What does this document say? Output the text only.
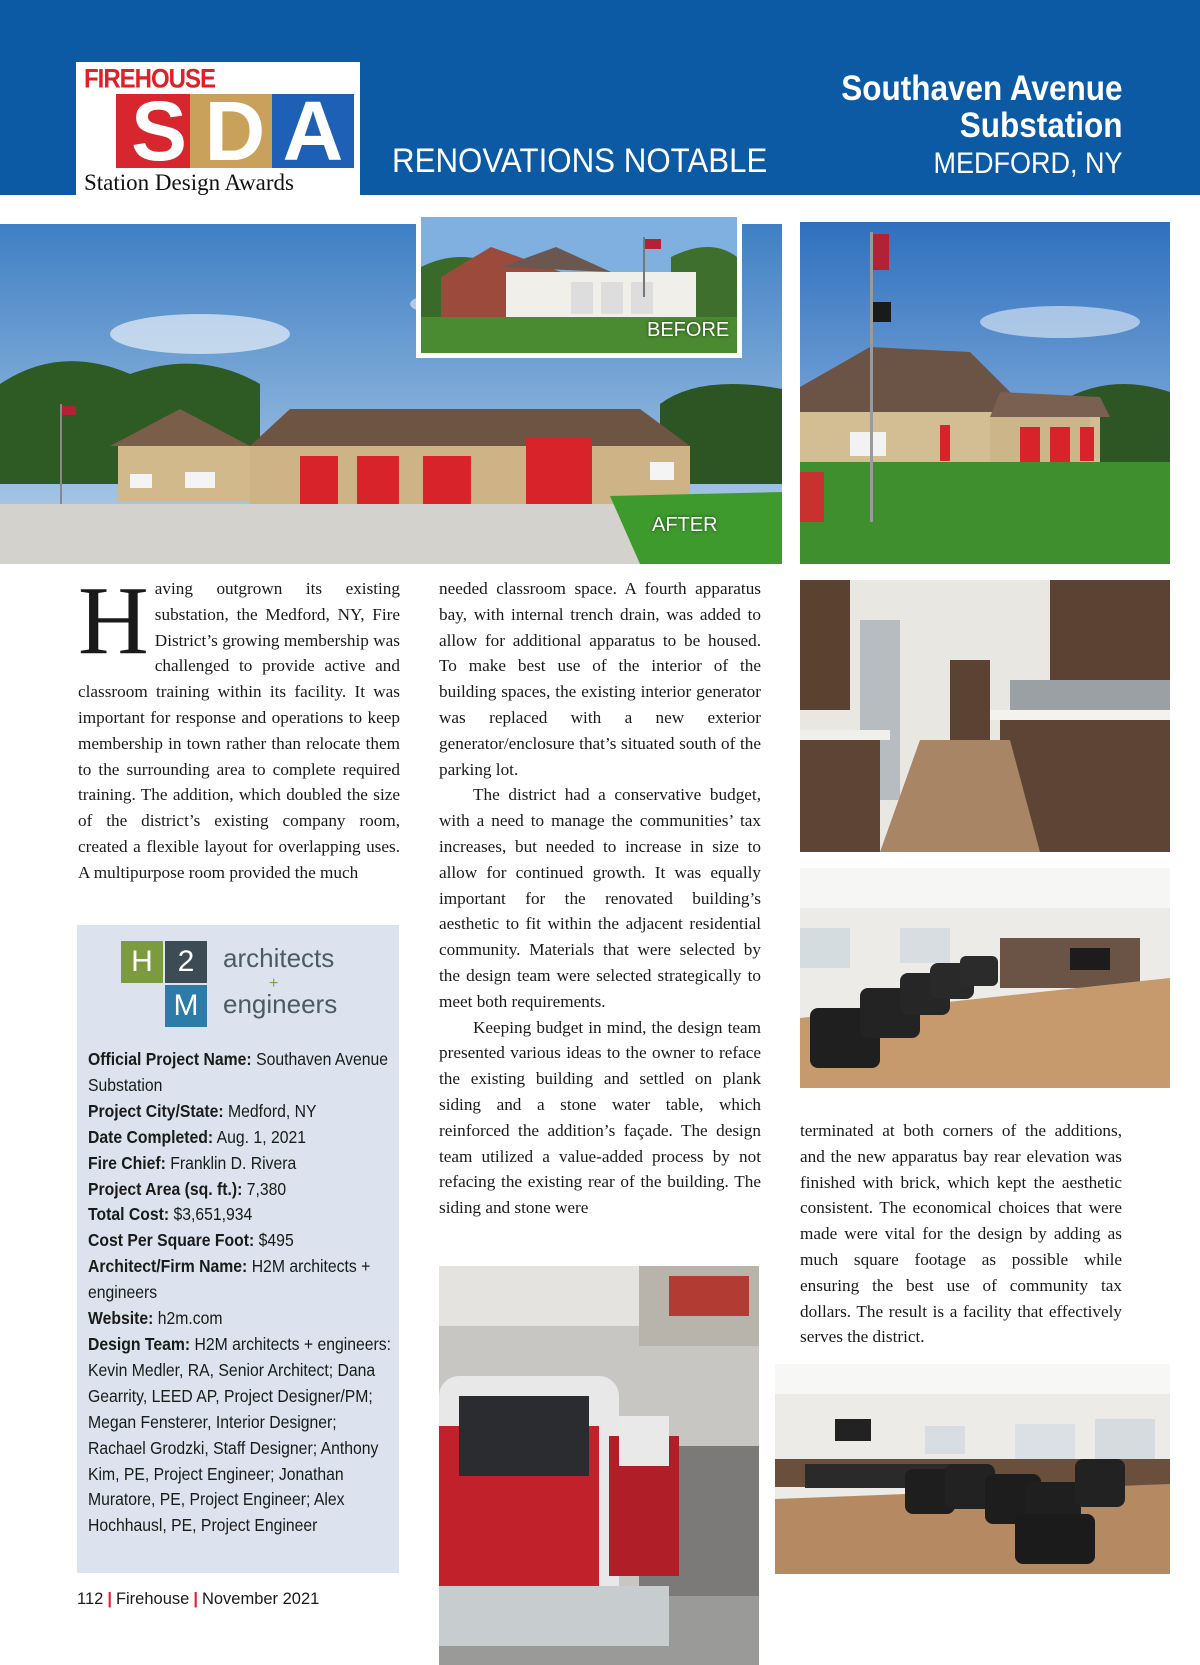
FIREHOUSE
S D A
Station Design Awards
RENOVATIONS NOTABLE
Southaven Avenue
Substation
MEDFORD, NY
AFTER
BEFORE

Having outgrown its existing substation, the Medford, NY, Fire District’s growing membership was challenged to provide active and classroom training within its facility. It was important for response and operations to keep membership in town rather than relocate them to the surrounding area to complete required training. The addition, which doubled the size of the district’s existing company room, created a flexible layout for overlapping uses. A multipurpose room provided the much

needed classroom space. A fourth apparatus bay, with internal trench drain, was added to allow for additional apparatus to be housed. To make best use of the interior of the building spaces, the existing interior generator was replaced with a new exterior generator/enclosure that’s situated south of the parking lot.

The district had a conservative budget, with a need to manage the communities’ tax increases, but needed to increase in size to allow for continued growth. It was equally important for the renovated building’s aesthetic to fit within the adjacent residential community. Materials that were selected by the design team were selected strategically to meet both requirements.

Keeping budget in mind, the design team presented various ideas to the owner to reface the existing building and settled on plank siding and a stone water table, which reinforced the addition’s façade. The design team utilized a value-added process by not refacing the existing rear of the building. The siding and stone were

terminated at both corners of the additions, and the new apparatus bay rear elevation was finished with brick, which kept the aesthetic consistent. The economical choices that were made were vital for the design by adding as much square footage as possible while ensuring the best use of community tax dollars. The result is a facility that effectively serves the district.

H 2
M
architects
+
engineers
Official Project Name: Southaven Avenue Substation
Project City/State: Medford, NY
Date Completed: Aug. 1, 2021
Fire Chief: Franklin D. Rivera
Project Area (sq. ft.): 7,380
Total Cost: $3,651,934
Cost Per Square Foot: $495
Architect/Firm Name: H2M architects + engineers
Website: h2m.com
Design Team: H2M architects + engineers: Kevin Medler, RA, Senior Architect; Dana Gearrity, LEED AP, Project Designer/PM; Megan Fensterer, Interior Designer; Rachael Grodzki, Staff Designer; Anthony Kim, PE, Project Engineer; Jonathan Muratore, PE, Project Engineer; Alex Hochhausl, PE, Project Engineer
112 | Firehouse | November 2021
